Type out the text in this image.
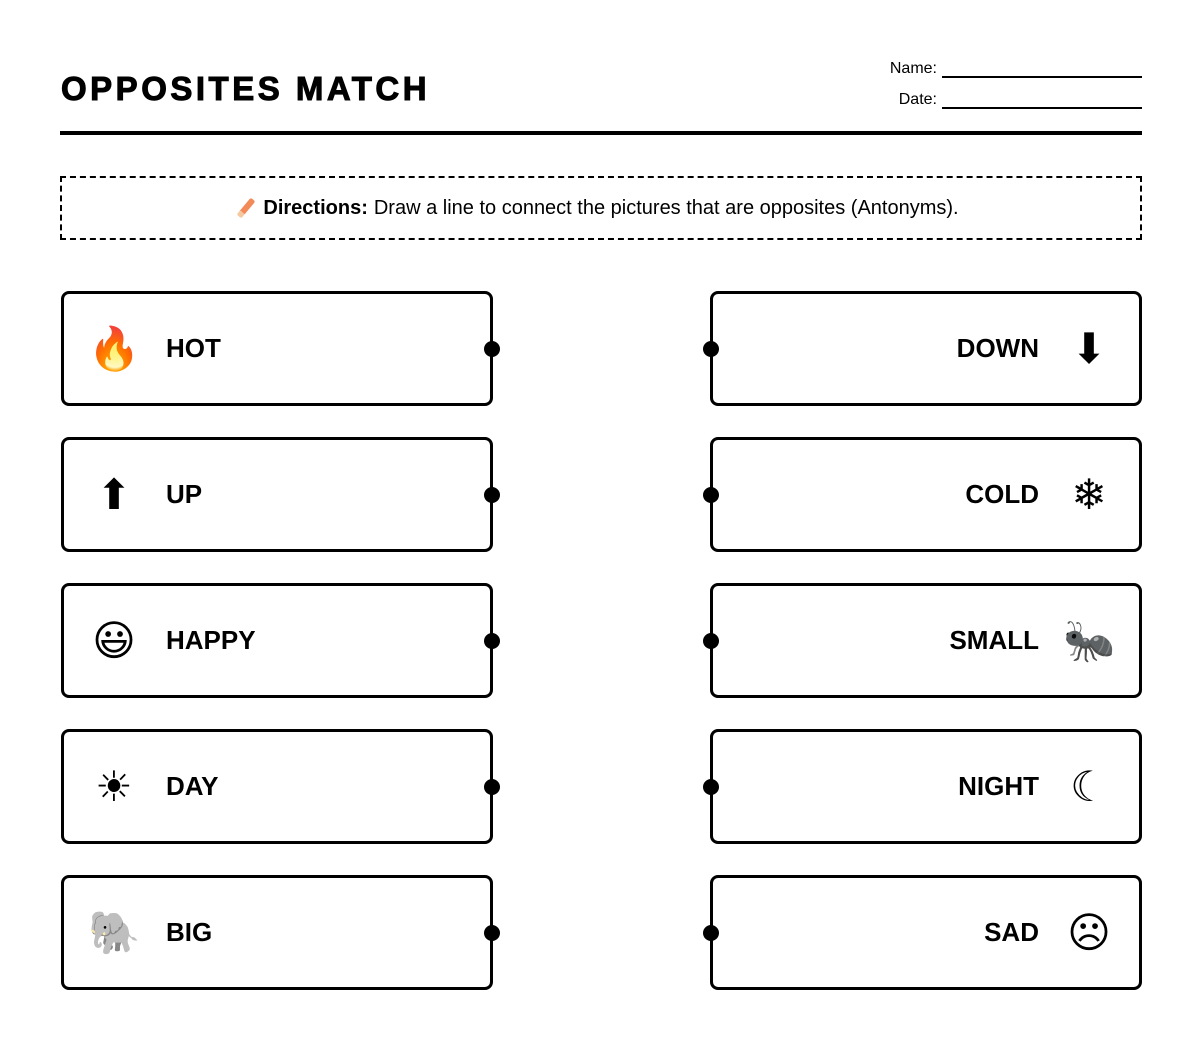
OPPOSITES MATCH
Name:
Date:
Directions: Draw a line to connect the pictures that are opposites (Antonyms).
🔥 HOT
⬆	UP
😃 HAPPY
☀ DAY
🐘 BIG
DOWN ⬇
COLD ❄
SMALL 🐜
NIGHT ☾
SAD ☹
